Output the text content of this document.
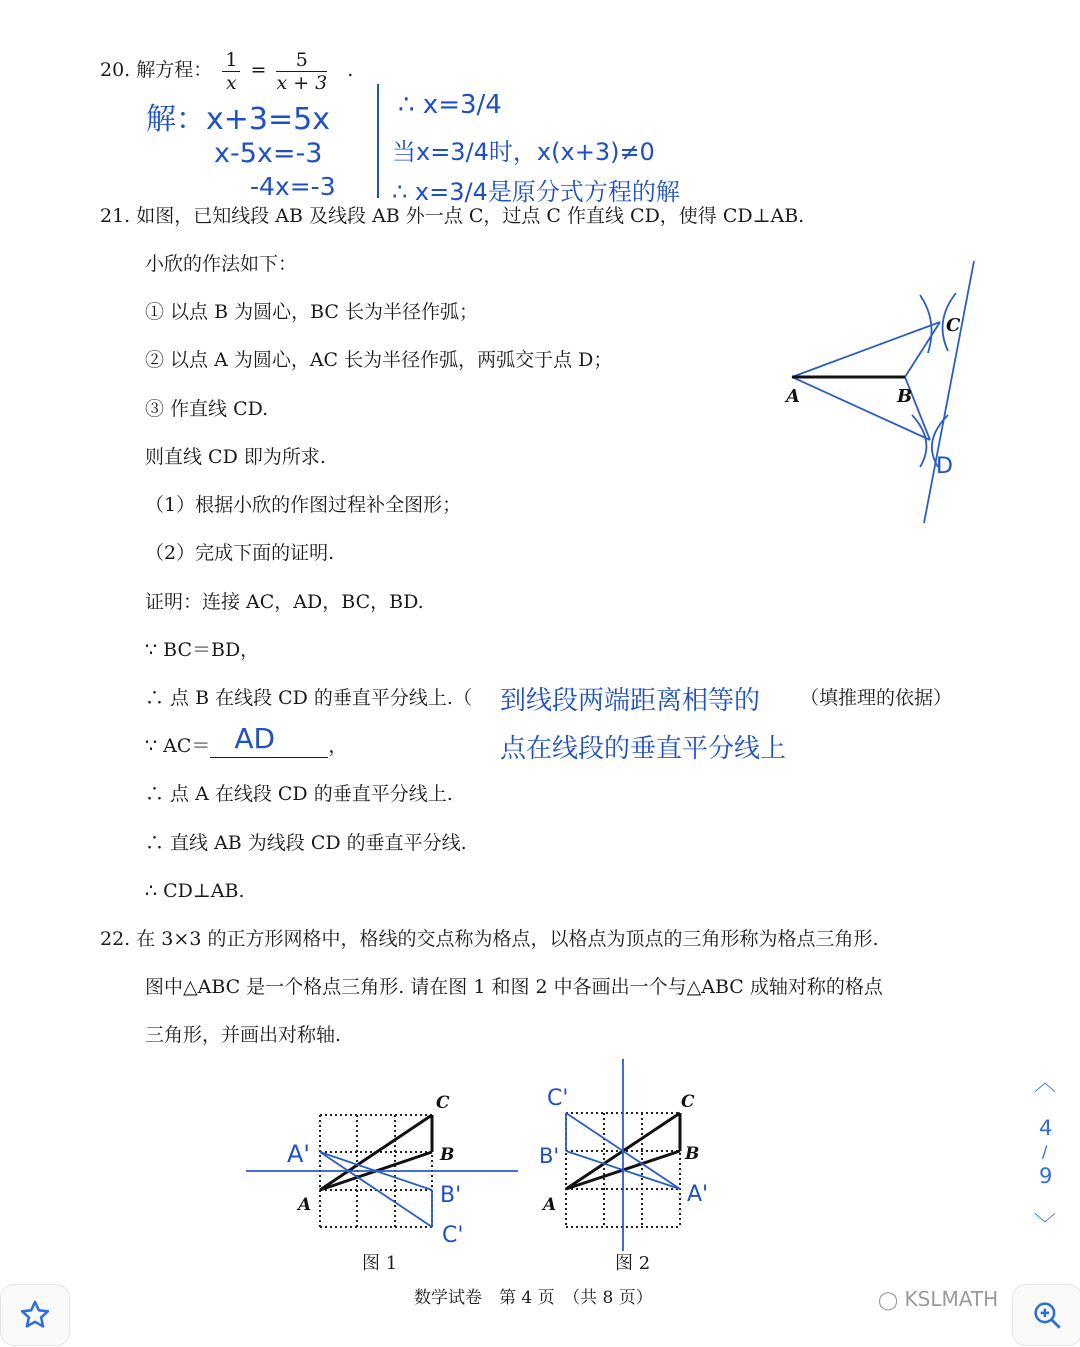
20. 解方程： $\frac{1}{x} = \frac{5}{x + 3}$ .
解：x+3=5x
x-5x=-3
-4x=-3
∴ x=3/4
当x=3/4时，x(x+3)≠0
∴ x=3/4是原分式方程的解
21. 如图，已知线段 AB 及线段 AB 外一点 C，过点 C 作直线 CD，使得 CD⊥AB.
小欣的作法如下：
① 以点 B 为圆心，BC 长为半径作弧；
② 以点 A 为圆心，AC 长为半径作弧，两弧交于点 D；
③ 作直线 CD.
则直线 CD 即为所求.
（1）根据小欣的作图过程补全图形；
（2）完成下面的证明.
证明：连接 AC，AD，BC，BD.
∵ BC＝BD，
∴ 点 B 在线段 CD 的垂直平分线上.（	（填推理的依据）
到线段两端距离相等的
点在线段的垂直平分线上
∵ AC＝ AD	，
∴ 点 A 在线段 CD 的垂直平分线上.
∴ 直线 AB 为线段 CD 的垂直平分线.
∴ CD⊥AB.
A	B
C
D
22. 在 3×3 的正方形网格中，格线的交点称为格点，以格点为顶点的三角形称为格点三角形.
图中△ABC 是一个格点三角形. 请在图 1 和图 2 中各画出一个与△ABC 成轴对称的格点
三角形，并画出对称轴.
C
B
A
A'
B'
C'
图 1
C
B
A
C'
B'
A'
图 2
数学试卷　第 4 页　（共 8 页）	◯ KSLMATH
︿
4
/
9
﹀
